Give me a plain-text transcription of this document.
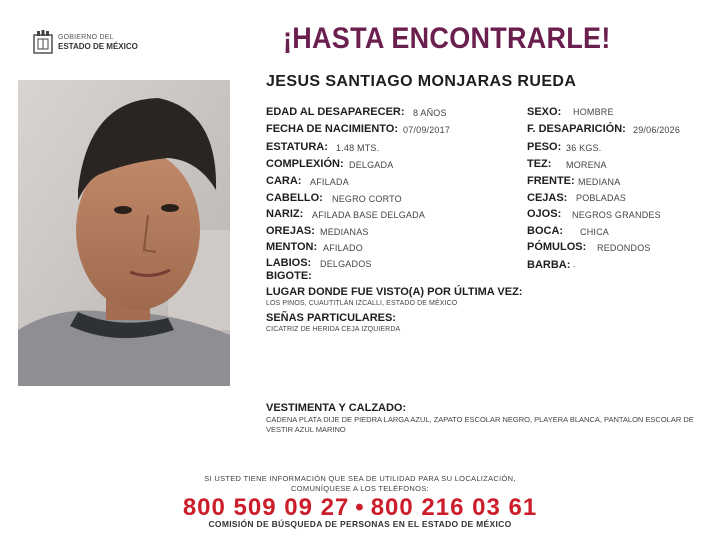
GOBIERNO DEL
ESTADO DE MÉXICO	¡HASTA ENCONTRARLE!
JESUS SANTIAGO MONJARAS RUEDA
EDAD AL DESAPARECER: 8 AÑOS
FECHA DE NACIMIENTO: 07/09/2017
ESTATURA: 1.48 MTS.
COMPLEXIÓN: DELGADA
CARA: AFILADA
CABELLO: NEGRO CORTO
NARIZ: AFILADA BASE DELGADA
OREJAS: MEDIANAS
MENTON: AFILADO
LABIOS: DELGADOS
BIGOTE:
SEXO: HOMBRE
F. DESAPARICIÓN: 29/06/2026
PESO: 36 KGS.
TEZ: MORENA
FRENTE: MEDIANA
CEJAS: POBLADAS
OJOS: NEGROS GRANDES
BOCA: CHICA
PÓMULOS: REDONDOS
BARBA: .
LUGAR DONDE FUE VISTO(A) POR ÚLTIMA VEZ:
LOS PINOS, CUAUTITLÁN IZCALLI, ESTADO DE MÉXICO
SEÑAS PARTICULARES:
CICATRIZ DE HERIDA CEJA IZQUIERDA
VESTIMENTA Y CALZADO:
CADENA PLATA DIJE DE PIEDRA LARGA AZUL, ZAPATO ESCOLAR NEGRO, PLAYERA BLANCA, PANTALON ESCOLAR DE VESTIR AZUL MARINO
SI USTED TIENE INFORMACIÓN QUE SEA DE UTILIDAD PARA SU LOCALIZACIÓN,
COMUNÍQUESE A LOS TELÉFONOS:
800 509 09 27 • 800 216 03 61
COMISIÓN DE BÚSQUEDA DE PERSONAS EN EL ESTADO DE MÉXICO
